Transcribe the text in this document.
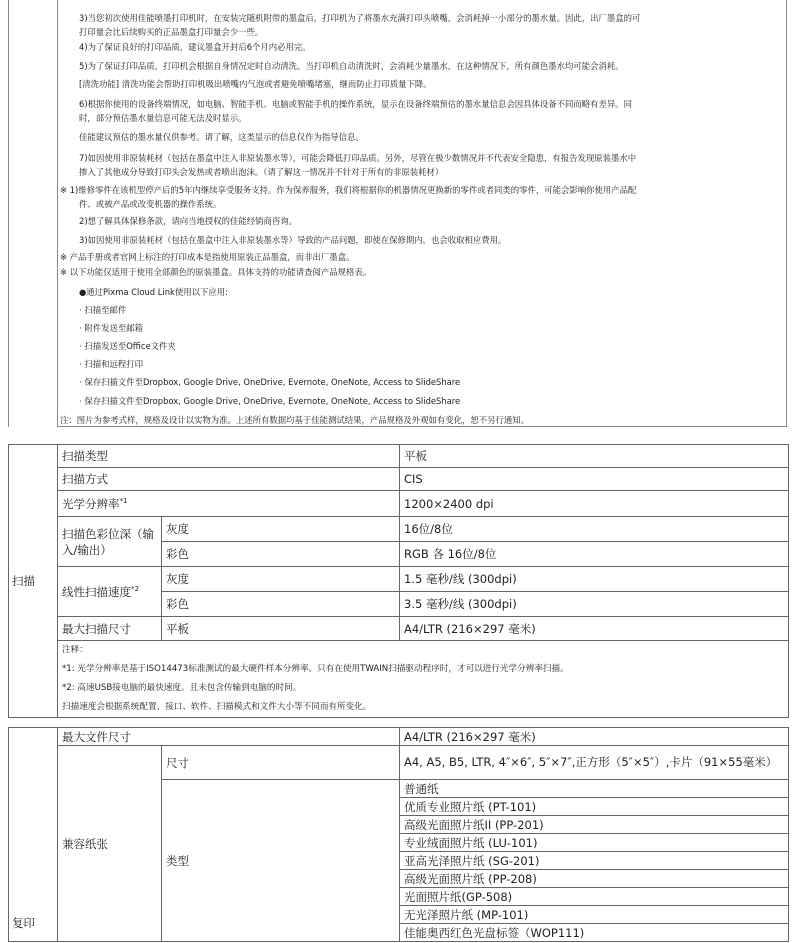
3)当您初次使用佳能喷墨打印机时，在安装完随机附带的墨盒后，打印机为了将墨水充满打印头喷嘴，会消耗掉一小部分的墨水量。因此，出厂墨盒的可
打印量会比后续购买的正品墨盒打印量会少一些。
4)为了保证良好的打印品质，建议墨盒开封后6个月内必用完。
5)为了保证打印品质，打印机会根据自身情况定时自动清洗。当打印机自动清洗时，会消耗少量墨水，在这种情况下，所有颜色墨水均可能会消耗。
[清洗功能] 清洗功能会帮助打印机吸出喷嘴内气泡或者避免喷嘴堵塞，继而防止打印质量下降。
6)根据你使用的设备终端情况，如电脑、智能手机、电脑或智能手机的操作系统，显示在设备终端预估的墨水量信息会因具体设备不同而略有差异。同
时，部分预估墨水量信息可能无法及时显示。
佳能建议预估的墨水量仅供参考。请了解，这类显示的信息仅作为指导信息。
7)如因使用非原装耗材（包括在墨盒中注入非原装墨水等），可能会降低打印品质。另外，尽管在极少数情况并不代表安全隐患，有报告发现原装墨水中
掺入了其他成分导致打印头会发热或者喷出泡沫。（请了解这一情况并不针对于所有的非原装耗材）
※ 1)维修零件在该机型停产后的5年内继续享受服务支持。作为保养服务，我们将根据你的机器情况更换新的零件或者同类的零件，可能会影响你使用产品配
件、或被产品或改变机器的操作系统。
2)想了解具体保修条款，请向当地授权的佳能经销商咨询。
3)如因使用非原装耗材（包括在墨盒中注入非原装墨水等）导致的产品问题，即使在保修期内，也会收取相应费用。
※ 产品手册或者官网上标注的打印成本是指使用原装正品墨盒，而非出厂墨盒。
※ 以下功能仅适用于使用全部颜色的原装墨盒。具体支持的功能请查阅产品规格表。
●通过Pixma Cloud Link使用以下应用:
· 扫描至邮件
· 附件发送至邮箱
· 扫描发送至Office文件夹
· 扫描和远程打印
· 保存扫描文件至Dropbox, Google Drive, OneDrive, Evernote, OneNote, Access to SlideShare
· 保存扫描文件至Dropbox, Google Drive, OneDrive, Evernote, OneNote, Access to SlideShare
注：图片为参考式样，规格及设计以实物为准。上述所有数据均基于佳能测试结果，产品规格及外观如有变化，恕不另行通知。
扫描	扫描类型		平板
	扫描方式		CIS
	光学分辨率$^{*1}$		1200×2400 dpi
	扫描色彩位深（输入/输出）	灰度	16位/8位
		彩色	RGB 各 16位/8位
	线性扫描速度$^{*2}$	灰度	1.5 毫秒/线 (300dpi)
		彩色	3.5 毫秒/线 (300dpi)
	最大扫描尺寸	平板	A4/LTR (216×297 毫米)

	注释：
*1: 光学分辨率是基于ISO14473标准测试的最大硬件样本分辨率。只有在使用TWAIN扫描驱动程序时，才可以进行光学分辨率扫描。
*2: 高速USB接电脑的最快速度。且未包含传输到电脑的时间。
扫描速度会根据系统配置、接口、软件、扫描模式和文件大小等不同而有所变化。		
复印	最大文件尺寸		A4/LTR (216×297 毫米)
	兼容纸张	尺寸	A4, A5, B5, LTR, 4″×6″, 5″×7″,正方形（5″×5″）,卡片（91×55毫米）
		类型	普通纸
			优质专业照片纸 (PT-101)
			高级光面照片纸II (PP-201)
			专业绒面照片纸 (LU-101)
			亚高光泽照片纸 (SG-201)
			高级光面照片纸 (PP-208)
			光面照片纸(GP-508)
			无光泽照片纸 (MP-101)
			佳能奥西红色光盘标签（WOP111)
